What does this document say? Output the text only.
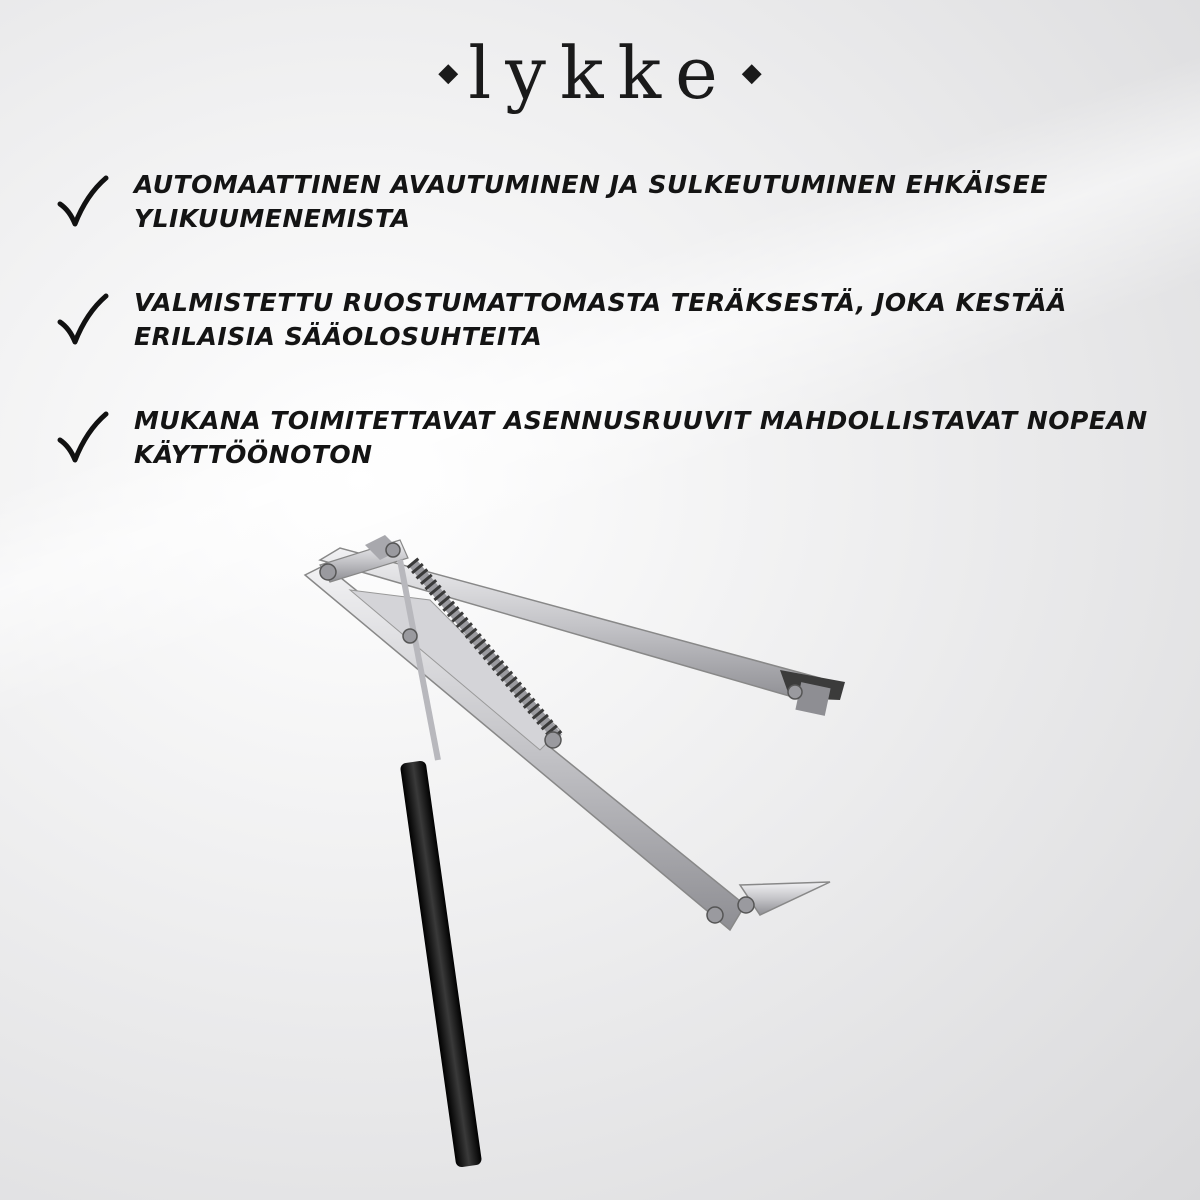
◆ lykke ◆
AUTOMAATTINEN AVAUTUMINEN JA SULKEUTUMINEN EHKÄISEE YLIKUUMENEMISTA
VALMISTETTU RUOSTUMATTOMASTA TERÄKSESTÄ, JOKA KESTÄÄ ERILAISIA SÄÄOLOSUHTEITA
MUKANA TOIMITETTAVAT ASENNUSRUUVIT MAHDOLLISTAVAT NOPEAN KÄYTTÖÖNOTON
